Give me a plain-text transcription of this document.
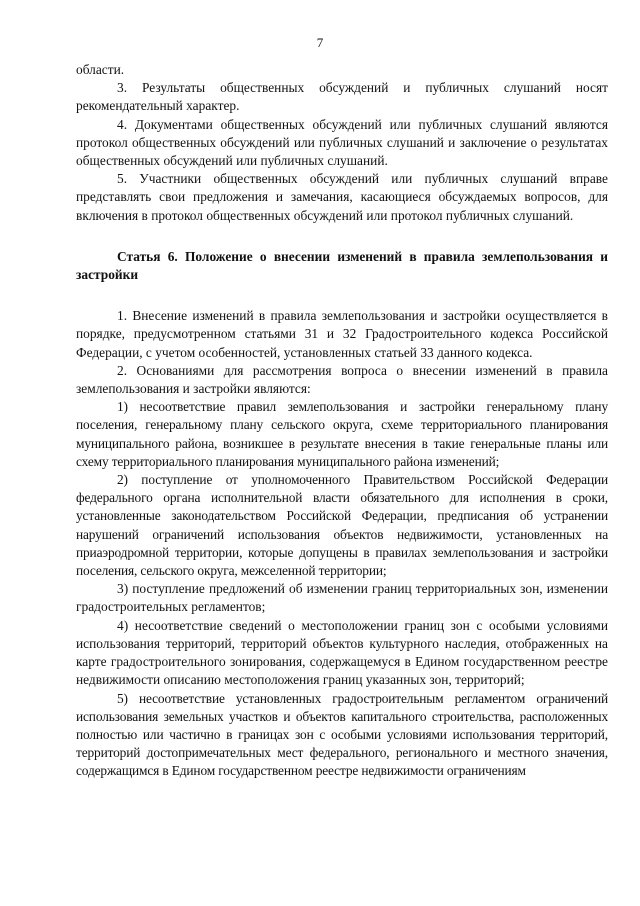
7

области.

3. Результаты общественных обсуждений и публичных слушаний носят рекомендательный характер.

4. Документами общественных обсуждений или публичных слушаний являются протокол общественных обсуждений или публичных слушаний и заключение о результатах общественных обсуждений или публичных слушаний.

5. Участники общественных обсуждений или публичных слушаний вправе представлять свои предложения и замечания, касающиеся обсуждаемых вопросов, для включения в протокол общественных обсуждений или протокол публичных слушаний.

Статья 6. Положение о внесении изменений в правила землепользования и застройки

1. Внесение изменений в правила землепользования и застройки осуществляется в порядке, предусмотренном статьями 31 и 32 Градостроительного кодекса Российской Федерации, с учетом особенностей, установленных статьей 33 данного кодекса.

2. Основаниями для рассмотрения вопроса о внесении изменений в правила землепользования и застройки являются:

1) несоответствие правил землепользования и застройки генеральному плану поселения, генеральному плану сельского округа, схеме территориального планирования муниципального района, возникшее в результате внесения в такие генеральные планы или схему территориального планирования муниципального района изменений;

2) поступление от уполномоченного Правительством Российской Федерации федерального органа исполнительной власти обязательного для исполнения в сроки, установленные законодательством Российской Федерации, предписания об устранении нарушений ограничений использования объектов недвижимости, установленных на приаэродромной территории, которые допущены в правилах землепользования и застройки поселения, сельского округа, межселенной территории;

3) поступление предложений об изменении границ территориальных зон, изменении градостроительных регламентов;

4) несоответствие сведений о местоположении границ зон с особыми условиями использования территорий, территорий объектов культурного наследия, отображенных на карте градостроительного зонирования, содержащемуся в Едином государственном реестре недвижимости описанию местоположения границ указанных зон, территорий;

5) несоответствие установленных градостроительным регламентом ограничений использования земельных участков и объектов капитального строительства, расположенных полностью или частично в границах зон с особыми условиями использования территорий, территорий достопримечательных мест федерального, регионального и местного значения, содержащимся в Едином государственном реестре недвижимости ограничениям
